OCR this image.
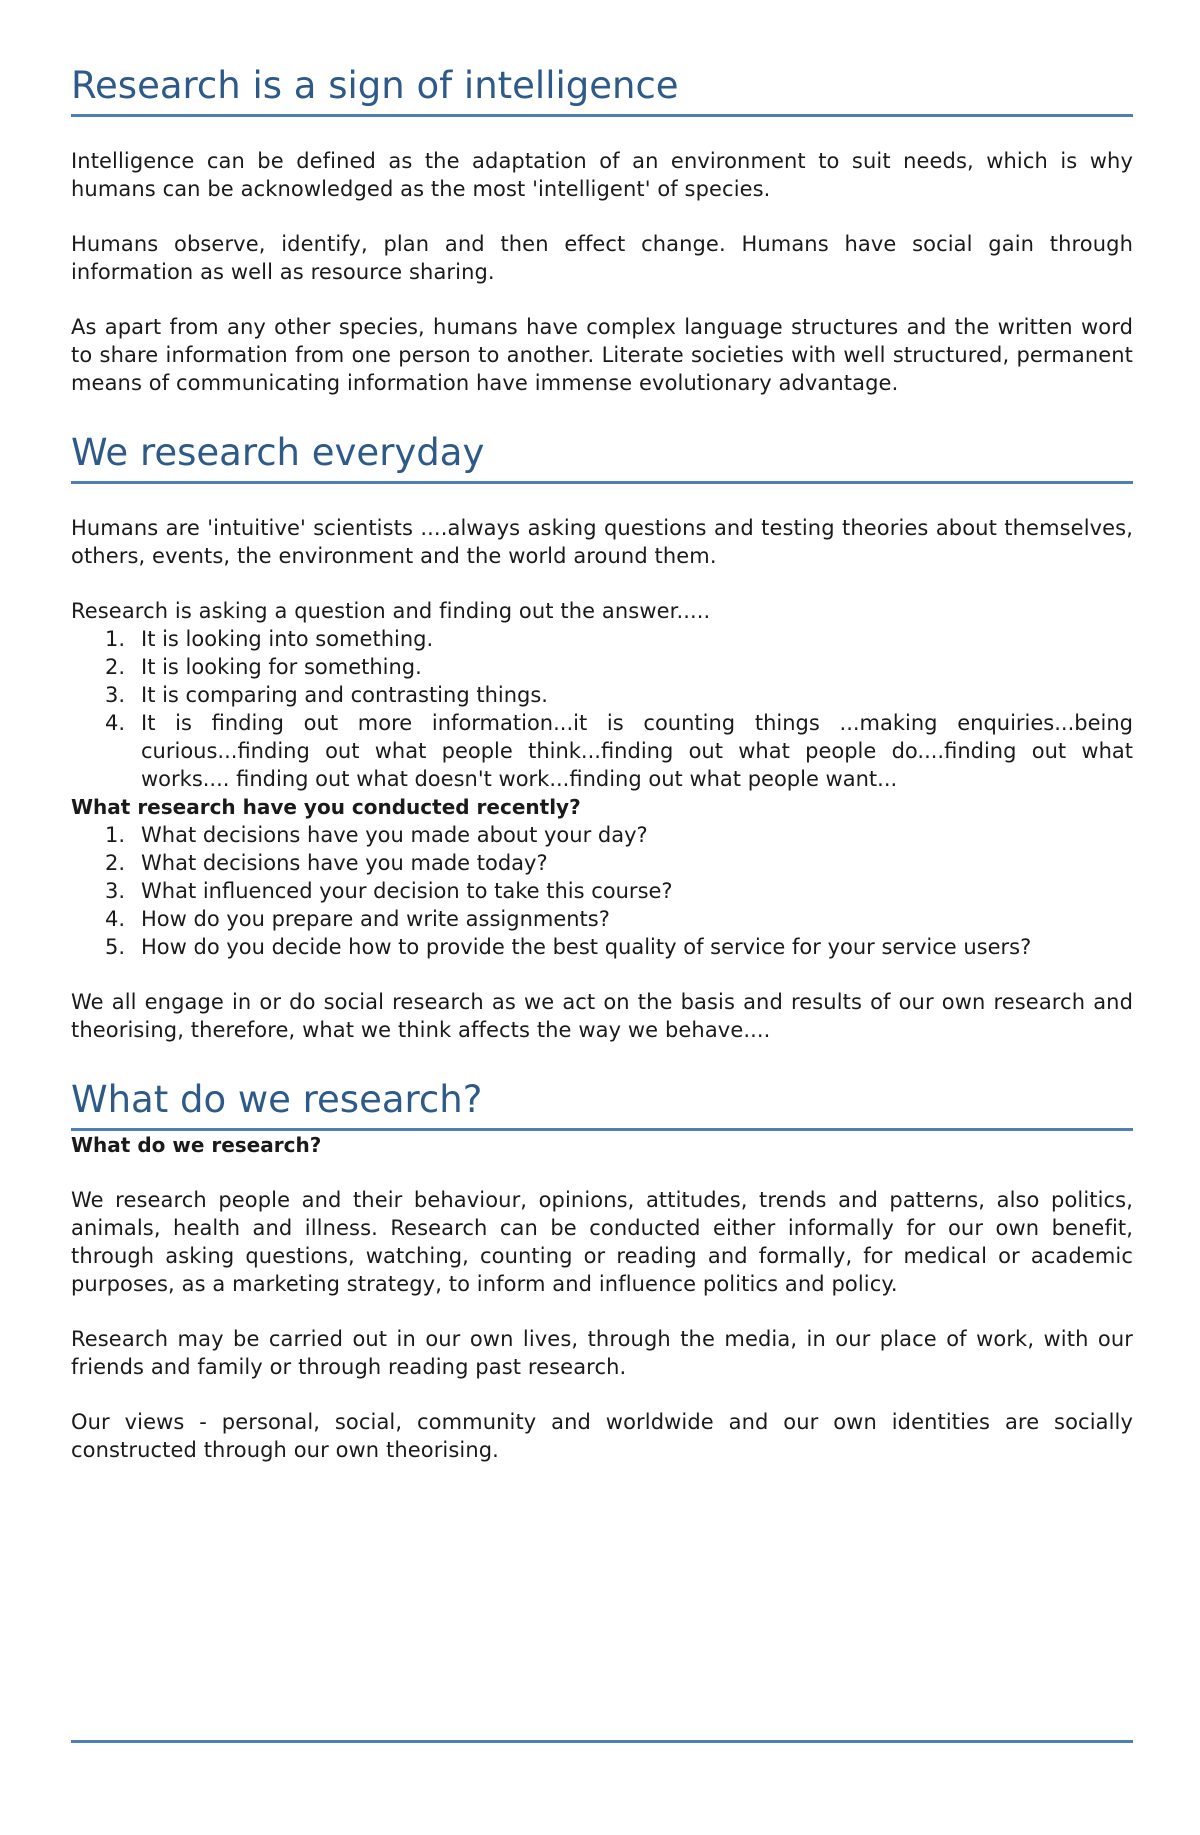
Research is a sign of intelligence

Intelligence can be defined as the adaptation of an environment to suit needs, which is why humans can be acknowledged as the most 'intelligent' of species.

Humans observe, identify, plan and then effect change. Humans have social gain through information as well as resource sharing.

As apart from any other species, humans have complex language structures and the written word to share information from one person to another. Literate societies with well structured, permanent means of communicating information have immense evolutionary advantage.

We research everyday

Humans are 'intuitive' scientists ....always asking questions and testing theories about themselves, others, events, the environment and the world around them.

Research is asking a question and finding out the answer.....

1. It is looking into something.
2. It is looking for something.
3. It is comparing and contrasting things.
4. It is finding out more information...it is counting things ...making enquiries...being curious...finding out what people think...finding out what people do....finding out what works.... finding out what doesn't work...finding out what people want...

What research have you conducted recently?

1. What decisions have you made about your day?
2. What decisions have you made today?
3. What influenced your decision to take this course?
4. How do you prepare and write assignments?
5. How do you decide how to provide the best quality of service for your service users?

We all engage in or do social research as we act on the basis and results of our own research and theorising, therefore, what we think affects the way we behave....

What do we research?

What do we research?

We research people and their behaviour, opinions, attitudes, trends and patterns, also politics, animals, health and illness. Research can be conducted either informally for our own benefit, through asking questions, watching, counting or reading and formally, for medical or academic purposes, as a marketing strategy, to inform and influence politics and policy.

Research may be carried out in our own lives, through the media, in our place of work, with our friends and family or through reading past research.

Our views - personal, social, community and worldwide and our own identities are socially constructed through our own theorising.
